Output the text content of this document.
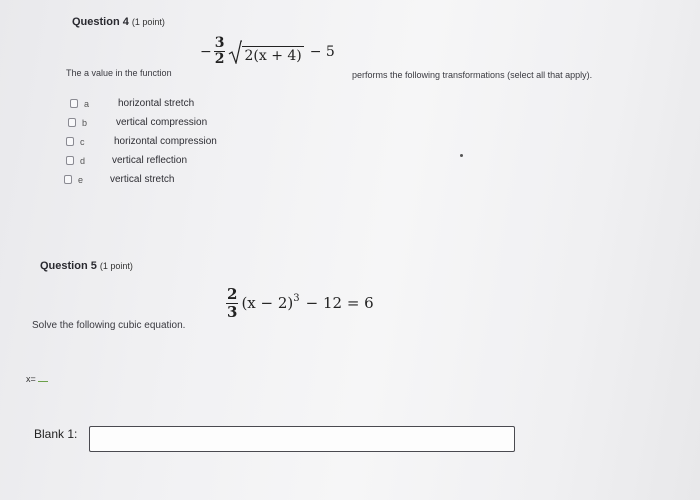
Question 4 (1 point)
The a value in the function
− $\frac{3}{2} 2(x + 4) - 5$
performs the following transformations (select all that apply).
a	horizontal stretch
b	vertical compression
c	horizontal compression
d	vertical reflection
e	vertical stretch
Question 5 (1 point)
Solve the following cubic equation.
$\frac{2}{3} (x - 2)^3 - 12 = 6$
x=
Blank 1:
